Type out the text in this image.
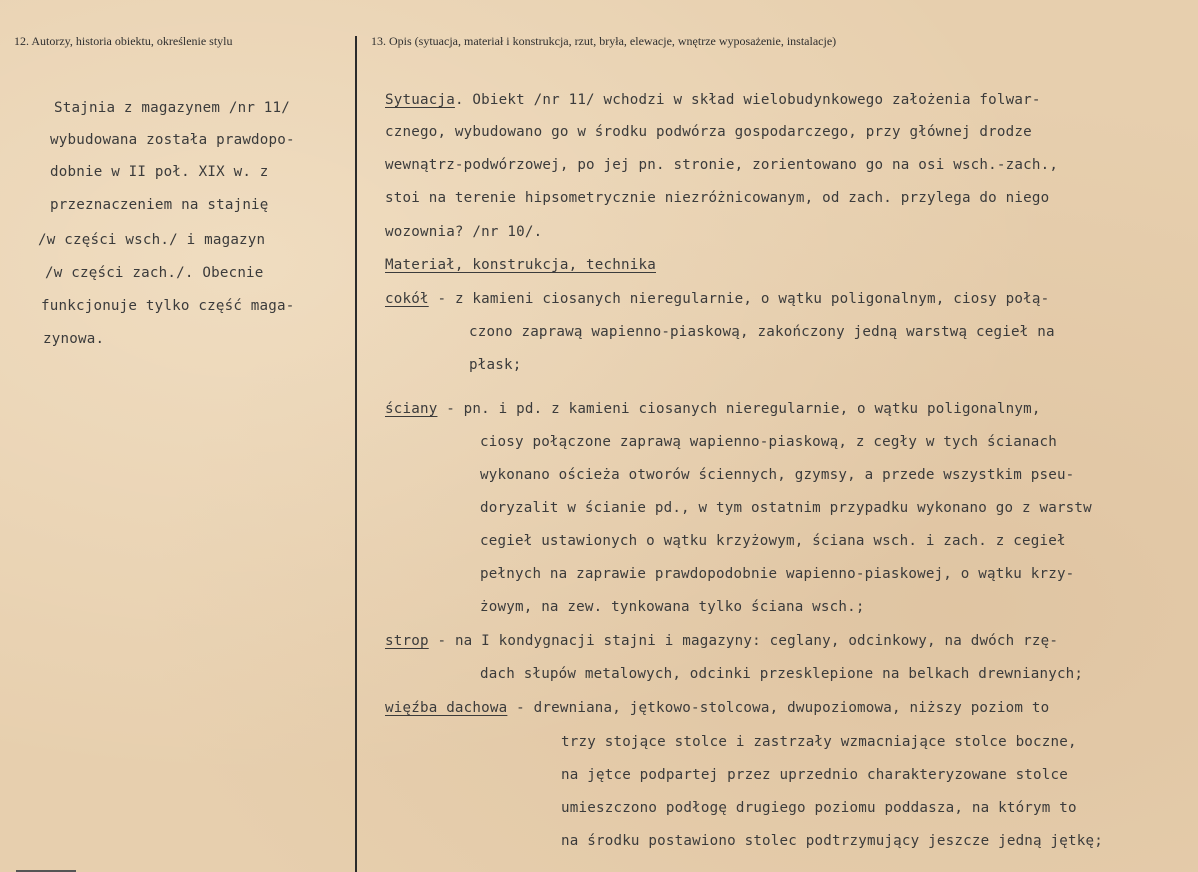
12. Autorzy, historia obiektu, określenie stylu	13. Opis (sytuacja, materiał i konstrukcja, rzut, bryła, elewacje, wnętrze wyposażenie, instalacje)
Stajnia z magazynem /nr 11/
wybudowana została prawdopo-
dobnie w II poł. XIX w. z
przeznaczeniem na stajnię
/w części wsch./ i magazyn
/w części zach./. Obecnie
funkcjonuje tylko część maga-
zynowa.
Sytuacja. Obiekt /nr 11/ wchodzi w skład wielobudynkowego założenia folwar-
cznego, wybudowano go w środku podwórza gospodarczego, przy głównej drodze
wewnątrz-podwórzowej, po jej pn. stronie, zorientowano go na osi wsch.-zach.,
stoi na terenie hipsometrycznie niezróżnicowanym, od zach. przylega do niego
wozownia? /nr 10/.
Materiał, konstrukcja, technika
cokół - z kamieni ciosanych nieregularnie, o wątku poligonalnym, ciosy połą-
czono zaprawą wapienno-piaskową, zakończony jedną warstwą cegieł na
płask;
ściany - pn. i pd. z kamieni ciosanych nieregularnie, o wątku poligonalnym,
ciosy połączone zaprawą wapienno-piaskową, z cegły w tych ścianach
wykonano ościeża otworów ściennych, gzymsy, a przede wszystkim pseu-
doryzalit w ścianie pd., w tym ostatnim przypadku wykonano go z warstw
cegieł ustawionych o wątku krzyżowym, ściana wsch. i zach. z cegieł
pełnych na zaprawie prawdopodobnie wapienno-piaskowej, o wątku krzy-
żowym, na zew. tynkowana tylko ściana wsch.;
strop - na I kondygnacji stajni i magazyny: ceglany, odcinkowy, na dwóch rzę-
dach słupów metalowych, odcinki przesklepione na belkach drewnianych;
więźba dachowa - drewniana, jętkowo-stolcowa, dwupoziomowa, niższy poziom to
trzy stojące stolce i zastrzały wzmacniające stolce boczne,
na jętce podpartej przez uprzednio charakteryzowane stolce
umieszczono podłogę drugiego poziomu poddasza, na którym to
na środku postawiono stolec podtrzymujący jeszcze jedną jętkę;
